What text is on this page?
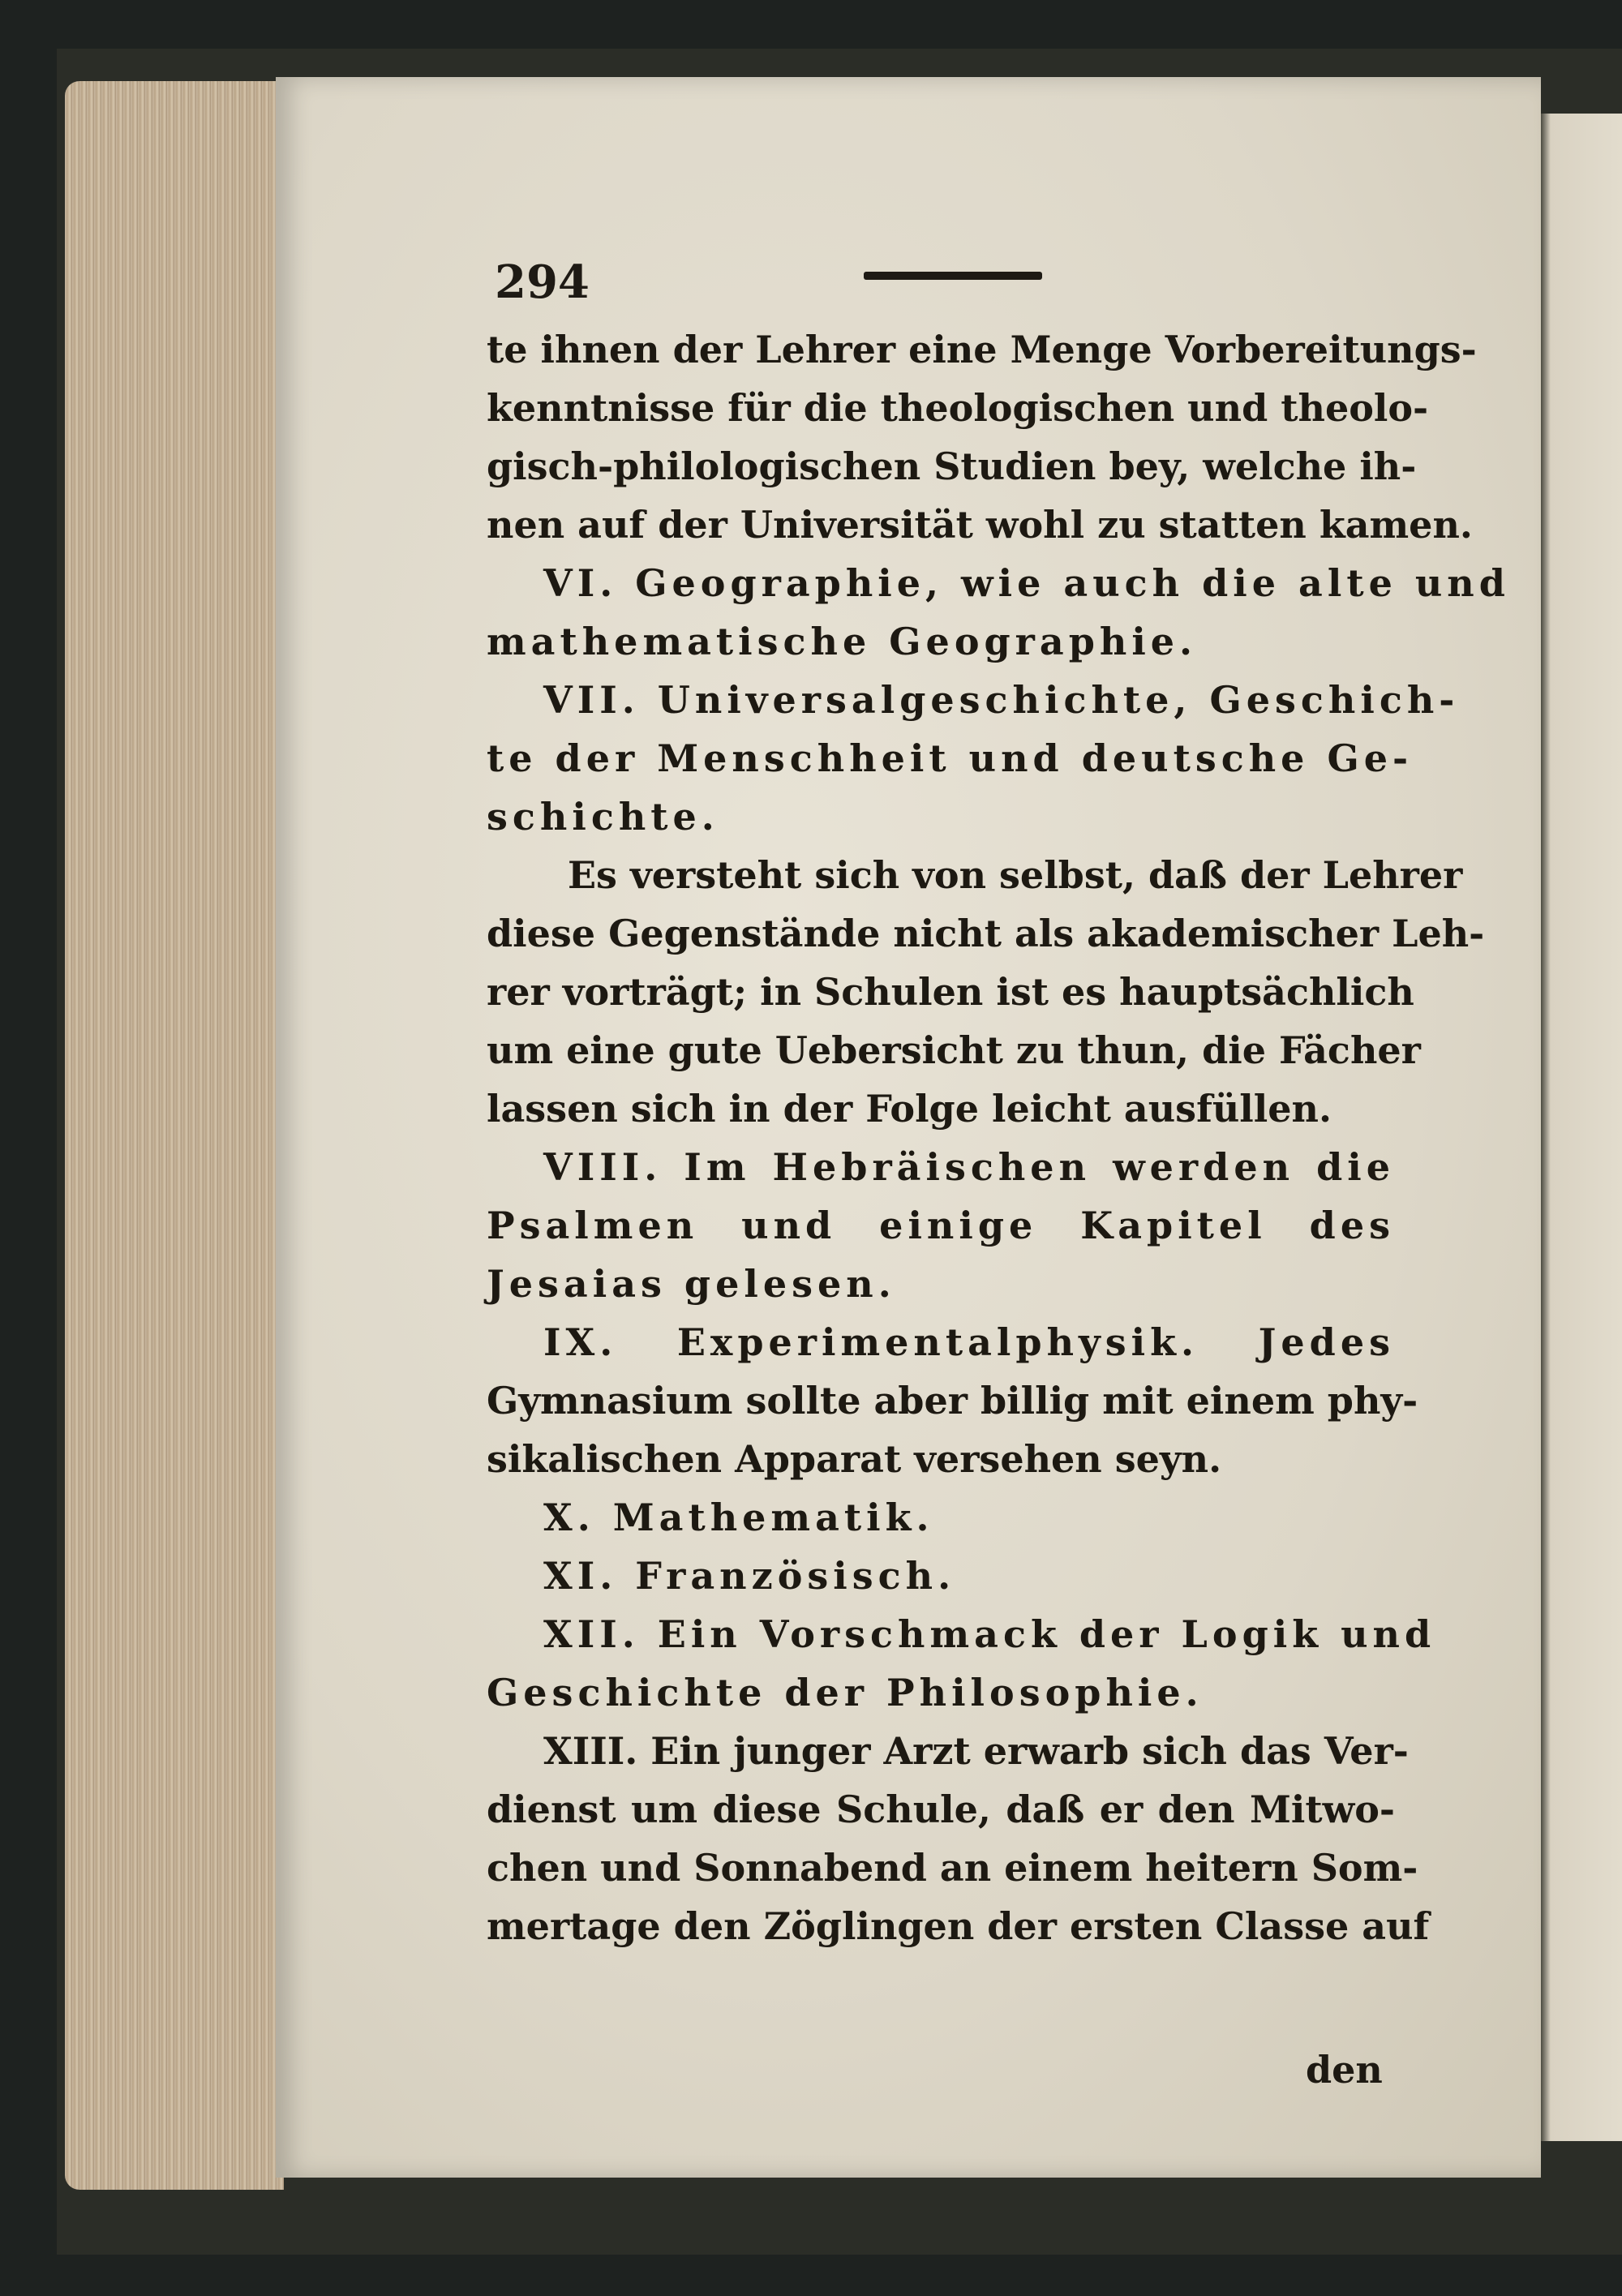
294
te ihnen der Lehrer eine Menge Vorbereitungs-
kenntnisse für die theologischen und theolo-
gisch-philologischen Studien bey, welche ih-
nen auf der Universität wohl zu statten kamen.
VI. Geographie, wie auch die alte und
mathematische Geographie.
VII. Universalgeschichte, Geschich-
te der Menschheit und deutsche Ge-
schichte.
Es versteht sich von selbst, daß der Lehrer
diese Gegenstände nicht als akademischer Leh-
rer vorträgt; in Schulen ist es hauptsächlich
um eine gute Uebersicht zu thun, die Fächer
lassen sich in der Folge leicht ausfüllen.
VIII. Im Hebräischen werden die
Psalmen und einige Kapitel des
Jesaias gelesen.
IX. Experimentalphysik. Jedes
Gymnasium sollte aber billig mit einem phy-
sikalischen Apparat versehen seyn.
X. Mathematik.
XI. Französisch.
XII. Ein Vorschmack der Logik und
Geschichte der Philosophie.
XIII. Ein junger Arzt erwarb sich das Ver-
dienst um diese Schule, daß er den Mitwo-
chen und Sonnabend an einem heitern Som-
mertage den Zöglingen der ersten Classe auf
den
